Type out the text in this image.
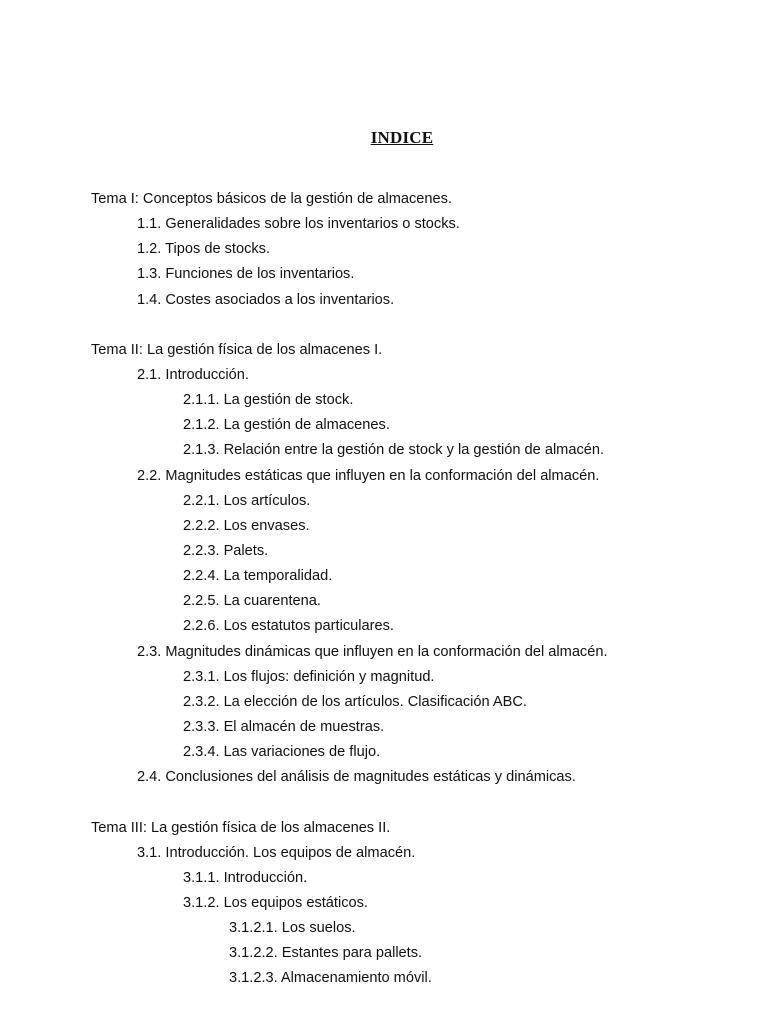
INDICE
Tema I: Conceptos básicos de la gestión de almacenes.
1.1. Generalidades sobre los inventarios o stocks.
1.2. Tipos de stocks.
1.3. Funciones de los inventarios.
1.4. Costes asociados a los inventarios.
Tema II: La gestión física de los almacenes I.
2.1. Introducción.
2.1.1. La gestión de stock.
2.1.2. La gestión de almacenes.
2.1.3. Relación entre la gestión de stock y la gestión de almacén.
2.2. Magnitudes estáticas que influyen en la conformación del almacén.
2.2.1. Los artículos.
2.2.2. Los envases.
2.2.3. Palets.
2.2.4. La temporalidad.
2.2.5. La cuarentena.
2.2.6. Los estatutos particulares.
2.3. Magnitudes dinámicas que influyen en la conformación del almacén.
2.3.1. Los flujos: definición y magnitud.
2.3.2. La elección de los artículos. Clasificación ABC.
2.3.3. El almacén de muestras.
2.3.4. Las variaciones de flujo.
2.4. Conclusiones del análisis de magnitudes estáticas y dinámicas.
Tema III: La gestión física de los almacenes II.
3.1. Introducción. Los equipos de almacén.
3.1.1. Introducción.
3.1.2. Los equipos estáticos.
3.1.2.1. Los suelos.
3.1.2.2. Estantes para pallets.
3.1.2.3. Almacenamiento móvil.
